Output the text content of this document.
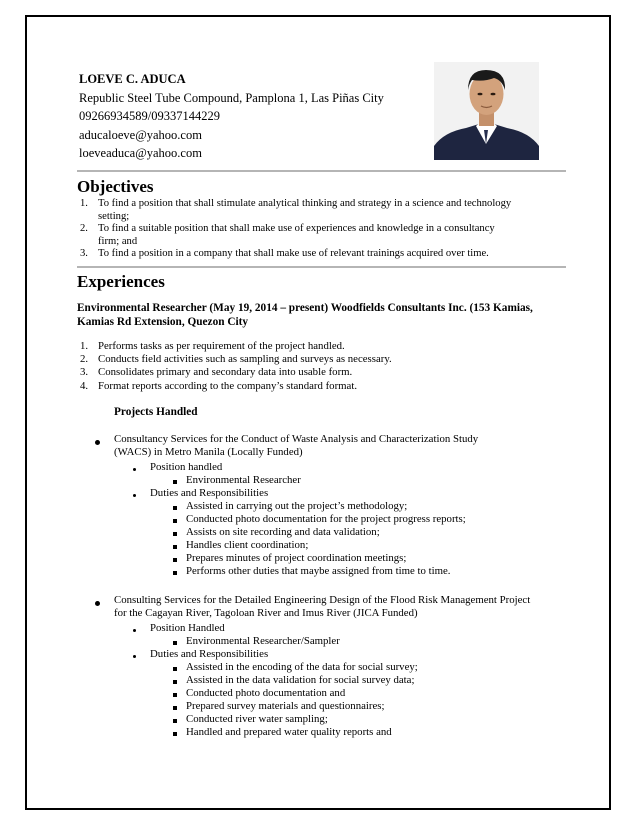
LOEVE C. ADUCA
Republic Steel Tube Compound, Pamplona 1, Las Piñas City
09266934589/09337144229
aducaloeve@yahoo.com
loeveaduca@yahoo.com
Objectives
1. To find a position that shall stimulate analytical thinking and strategy in a science and technology
setting;
2. To find a suitable position that shall make use of experiences and knowledge in a consultancy
firm; and
3. To find a position in a company that shall make use of relevant trainings acquired over time.
Experiences
Environmental Researcher (May 19, 2014 – present) Woodfields Consultants Inc. (153 Kamias,
Kamias Rd Extension, Quezon City
1. Performs tasks as per requirement of the project handled.
2. Conducts field activities such as sampling and surveys as necessary.
3. Consolidates primary and secondary data into usable form.
4. Format reports according to the company’s standard format.
Projects Handled
Consultancy Services for the Conduct of Waste Analysis and Characterization Study
(WACS) in Metro Manila (Locally Funded)
Position handled
Environmental Researcher
Duties and Responsibilities
Assisted in carrying out the project’s methodology;
Conducted photo documentation for the project progress reports;
Assists on site recording and data validation;
Handles client coordination;
Prepares minutes of project coordination meetings;
Performs other duties that maybe assigned from time to time.
Consulting Services for the Detailed Engineering Design of the Flood Risk Management Project
for the Cagayan River, Tagoloan River and Imus River (JICA Funded)
Position Handled
Environmental Researcher/Sampler
Duties and Responsibilities
Assisted in the encoding of the data for social survey;
Assisted in the data validation for social survey data;
Conducted photo documentation and
Prepared survey materials and questionnaires;
Conducted river water sampling;
Handled and prepared water quality reports and
